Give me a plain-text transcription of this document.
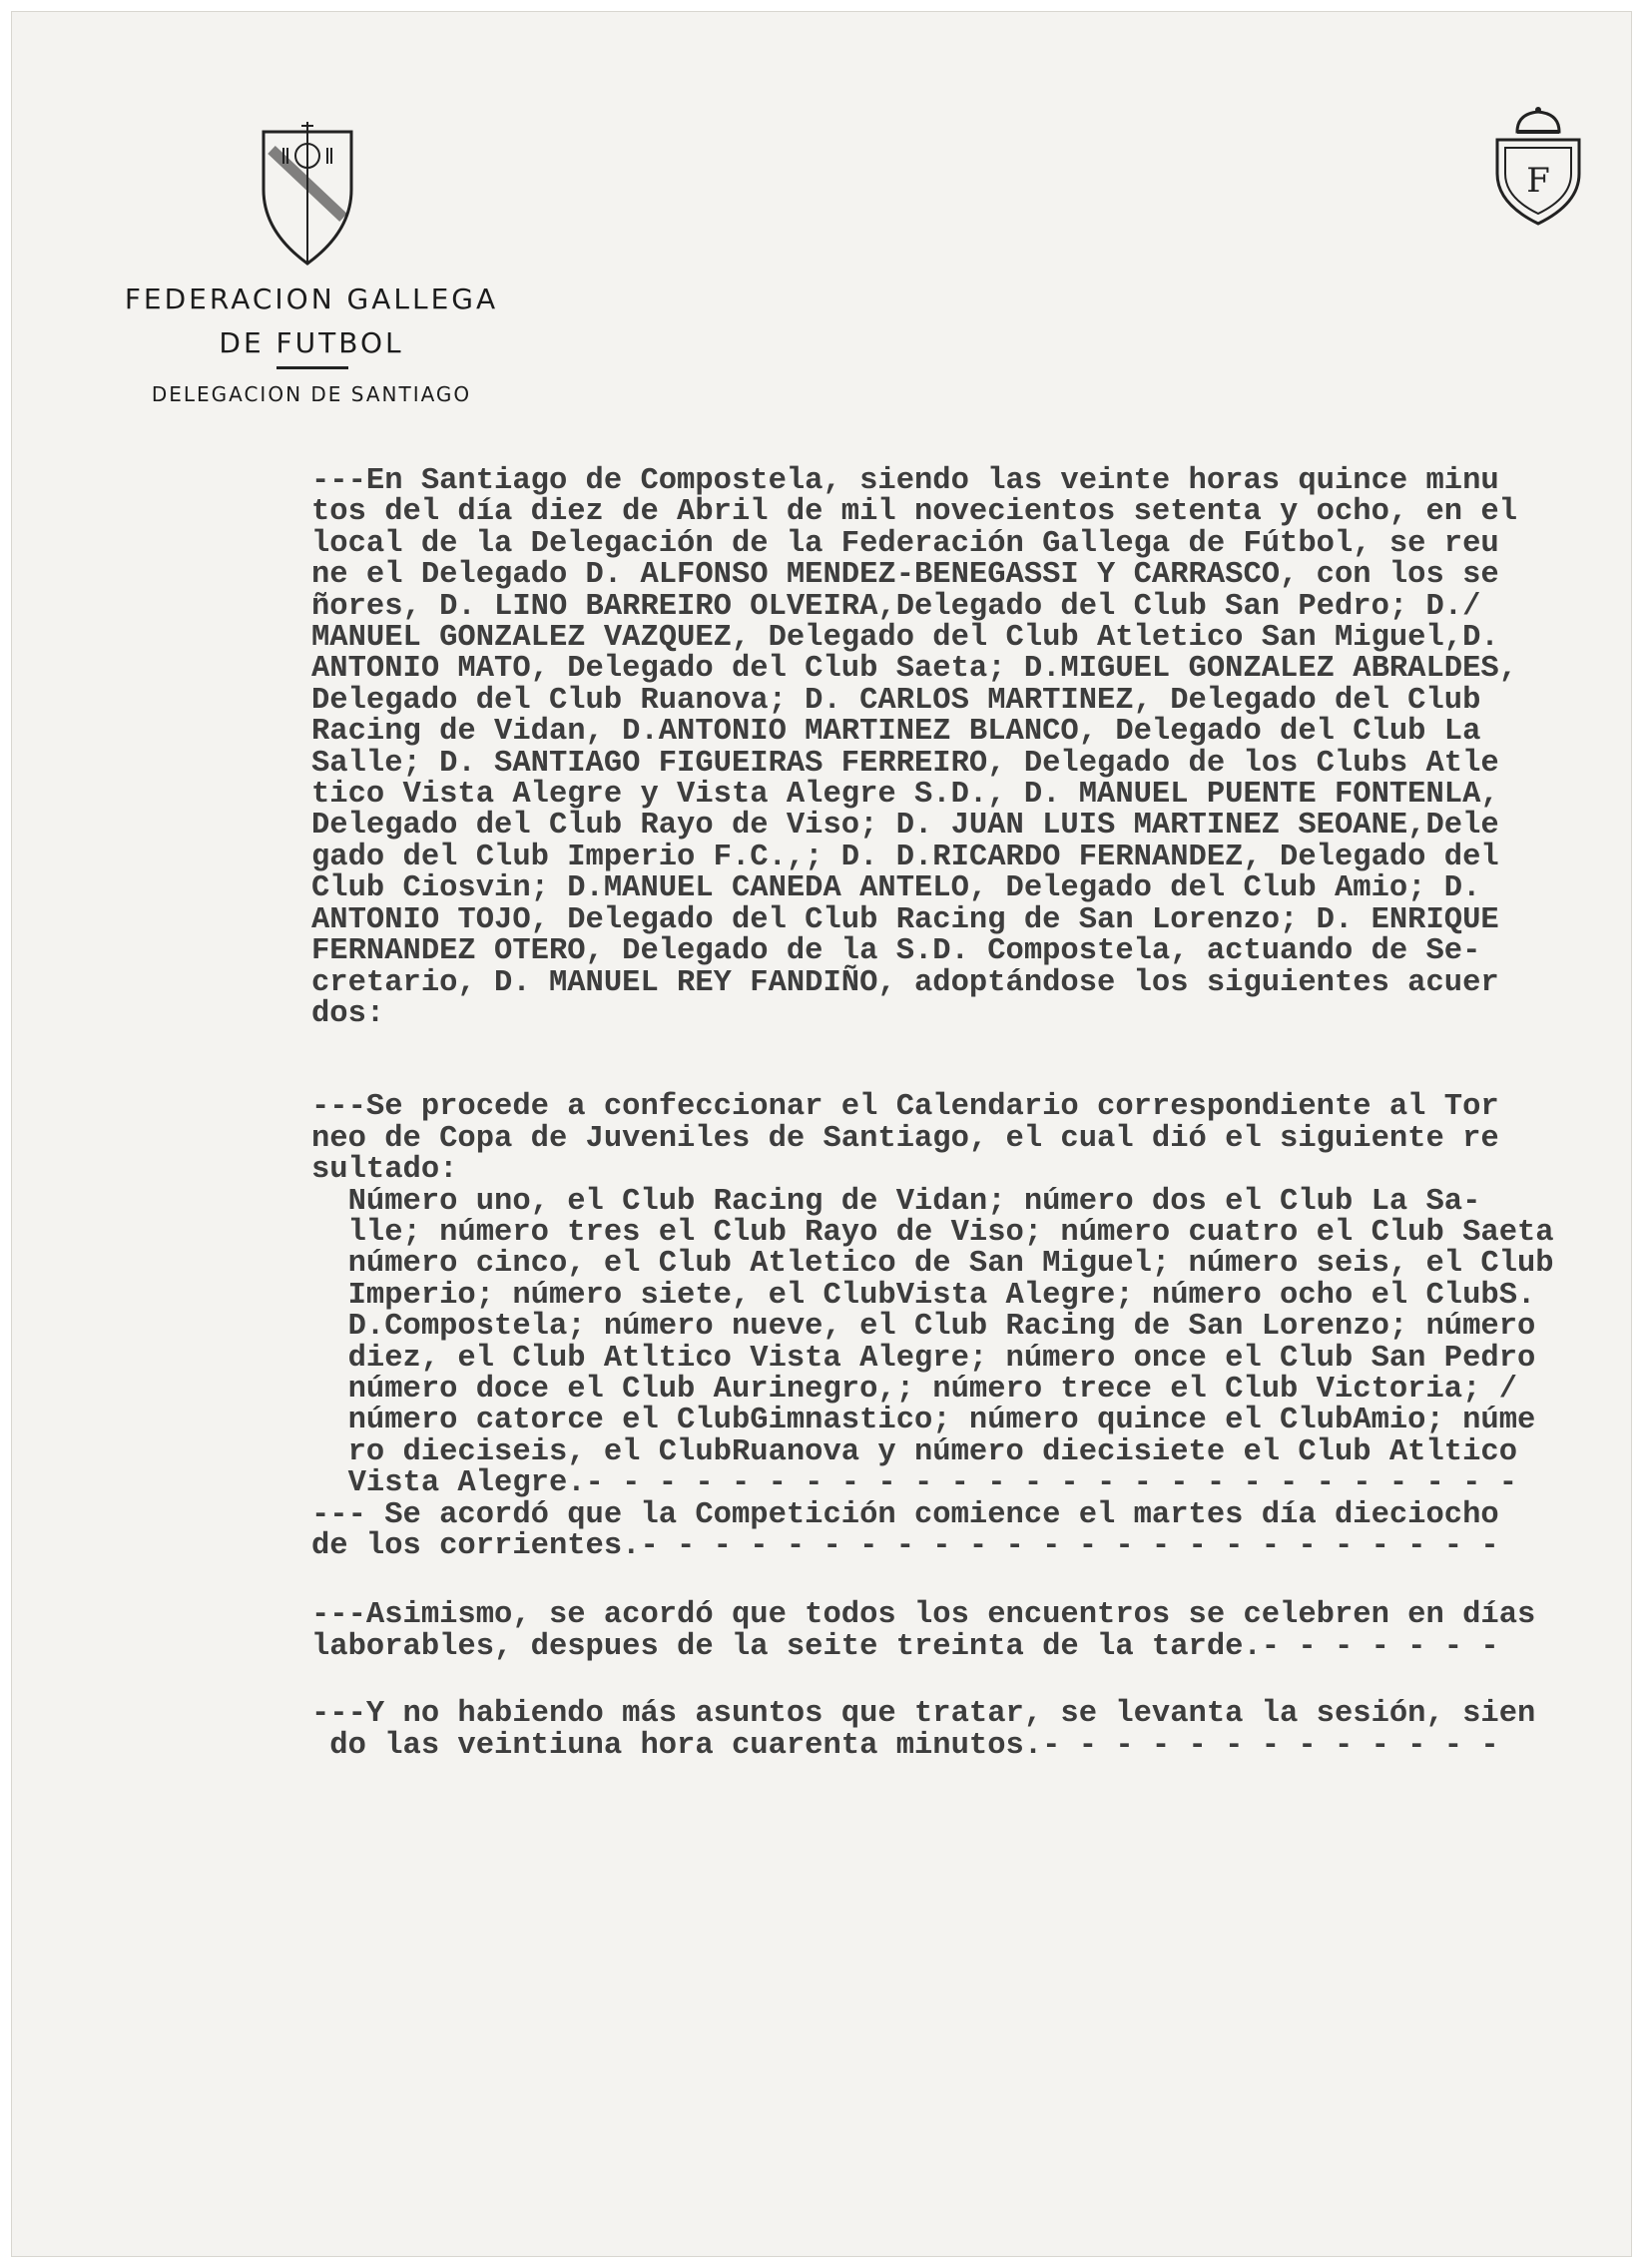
F
FEDERACION GALLEGA
DE FUTBOL
DELEGACION DE SANTIAGO
---En Santiago de Compostela, siendo las veinte horas quince minu
tos del día diez de Abril de mil novecientos setenta y ocho, en el
local de la Delegación de la Federación Gallega de Fútbol, se reu
ne el Delegado D. ALFONSO MENDEZ-BENEGASSI Y CARRASCO, con los se
ñores, D. LINO BARREIRO OLVEIRA,Delegado del Club San Pedro; D./
MANUEL GONZALEZ VAZQUEZ, Delegado del Club Atletico San Miguel,D.
ANTONIO MATO, Delegado del Club Saeta; D.MIGUEL GONZALEZ ABRALDES,
Delegado del Club Ruanova; D. CARLOS MARTINEZ, Delegado del Club
Racing de Vidan, D.ANTONIO MARTINEZ BLANCO, Delegado del Club La
Salle; D. SANTIAGO FIGUEIRAS FERREIRO, Delegado de los Clubs Atle
tico Vista Alegre y Vista Alegre S.D., D. MANUEL PUENTE FONTENLA,
Delegado del Club Rayo de Viso; D. JUAN LUIS MARTINEZ SEOANE,Dele
gado del Club Imperio F.C.,; D. D.RICARDO FERNANDEZ, Delegado del
Club Ciosvin; D.MANUEL CANEDA ANTELO, Delegado del Club Amio; D.
ANTONIO TOJO, Delegado del Club Racing de San Lorenzo; D. ENRIQUE
FERNANDEZ OTERO, Delegado de la S.D. Compostela, actuando de Se-
cretario, D. MANUEL REY FANDIÑO, adoptándose los siguientes acuer
dos:
---Se procede a confeccionar el Calendario correspondiente al Tor
neo de Copa de Juveniles de Santiago, el cual dió el siguiente re
sultado:
Número uno, el Club Racing de Vidan; número dos el Club La Sa-
lle; número tres el Club Rayo de Viso; número cuatro el Club Saeta
número cinco, el Club Atletico de San Miguel; número seis, el Club
Imperio; número siete, el ClubVista Alegre; número ocho el ClubS.
D.Compostela; número nueve, el Club Racing de San Lorenzo; número
diez, el Club Atltico Vista Alegre; número once el Club San Pedro
número doce el Club Aurinegro,; número trece el Club Victoria; /
número catorce el ClubGimnastico; número quince el ClubAmio; núme
ro dieciseis, el ClubRuanova y número diecisiete el Club Atltico
Vista Alegre.- - - - - - - - - - - - - - - - - - - - - - - - - -
--- Se acordó que la Competición comience el martes día dieciocho
de los corrientes.- - - - - - - - - - - - - - - - - - - - - - - -
---Asimismo, se acordó que todos los encuentros se celebren en días
laborables, despues de la seite treinta de la tarde.- - - - - - -
---Y no habiendo más asuntos que tratar, se levanta la sesión, sien
do las veintiuna hora cuarenta minutos.- - - - - - - - - - - - -
